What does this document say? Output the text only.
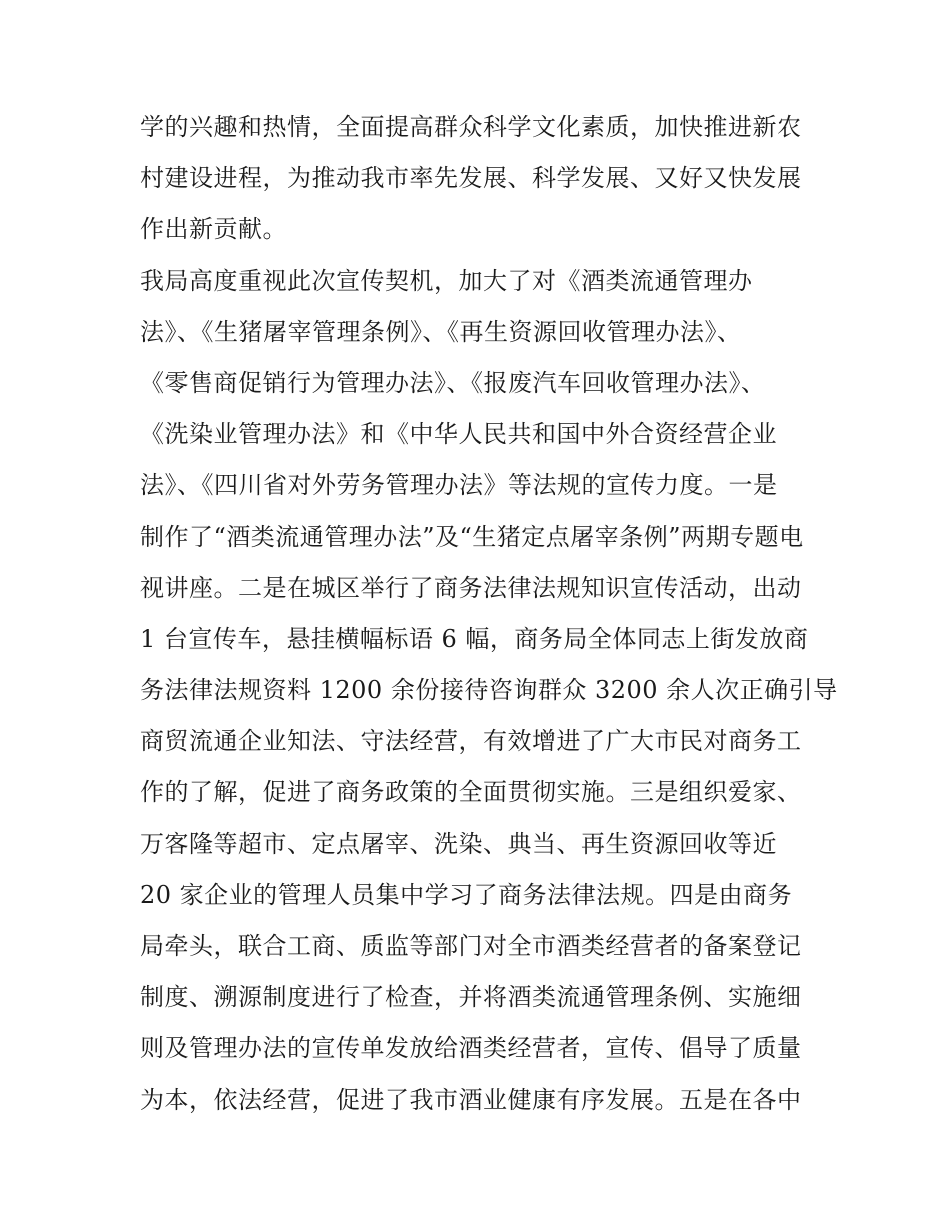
学的兴趣和热情，全面提高群众科学文化素质，加快推进新农
村建设进程，为推动我市率先发展、科学发展、又好又快发展
作出新贡献。
我局高度重视此次宣传契机，加大了对《酒类流通管理办
法》、《生猪屠宰管理条例》、《再生资源回收管理办法》、
《零售商促销行为管理办法》、《报废汽车回收管理办法》、
《洗染业管理办法》和《中华人民共和国中外合资经营企业
法》、《四川省对外劳务管理办法》等法规的宣传力度。一是
制作了“酒类流通管理办法”及“生猪定点屠宰条例”两期专题电
视讲座。二是在城区举行了商务法律法规知识宣传活动，出动
1 台宣传车，悬挂横幅标语 6 幅，商务局全体同志上街发放商
务法律法规资料 1200 余份接待咨询群众 3200 余人次正确引导
商贸流通企业知法、守法经营，有效增进了广大市民对商务工
作的了解，促进了商务政策的全面贯彻实施。三是组织爱家、
万客隆等超市、定点屠宰、洗染、典当、再生资源回收等近
20 家企业的管理人员集中学习了商务法律法规。四是由商务
局牵头，联合工商、质监等部门对全市酒类经营者的备案登记
制度、溯源制度进行了检查，并将酒类流通管理条例、实施细
则及管理办法的宣传单发放给酒类经营者，宣传、倡导了质量
为本，依法经营，促进了我市酒业健康有序发展。五是在各中
